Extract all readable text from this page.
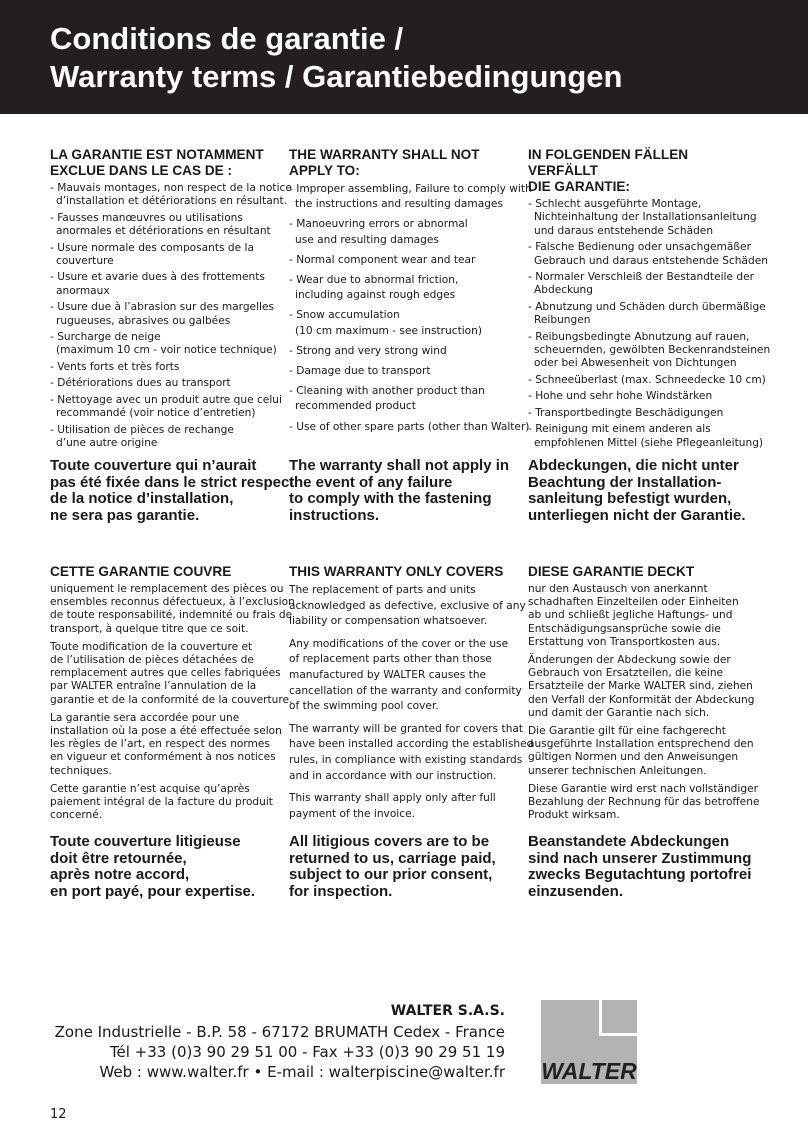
Conditions de garantie /
Warranty terms / Garantiebedingungen
LA GARANTIE EST NOTAMMENT
EXCLUE DANS LE CAS DE :
- Mauvais montages, non respect de la notice
d’installation et détériorations en résultant.
- Fausses manœuvres ou utilisations
anormales et détériorations en résultant
- Usure normale des composants de la
couverture
- Usure et avarie dues à des frottements
anormaux
- Usure due à l’abrasion sur des margelles
rugueuses, abrasives ou galbées
- Surcharge de neige
(maximum 10 cm - voir notice technique)
- Vents forts et très forts
- Détériorations dues au transport
- Nettoyage avec un produit autre que celui
recommandé (voir notice d’entretien)
- Utilisation de pièces de rechange
d’une autre origine
THE WARRANTY SHALL NOT
APPLY TO:
- Improper assembling, Failure to comply with
the instructions and resulting damages
- Manoeuvring errors or abnormal
use and resulting damages
- Normal component wear and tear
- Wear due to abnormal friction,
including against rough edges
- Snow accumulation
(10 cm maximum - see instruction)
- Strong and very strong wind
- Damage due to transport
- Cleaning with another product than
recommended product
- Use of other spare parts (other than Walter)
IN FOLGENDEN FÄLLEN VERFÄLLT
DIE GARANTIE:
- Schlecht ausgeführte Montage,
Nichteinhaltung der Installationsanleitung
und daraus entstehende Schäden
- Falsche Bedienung oder unsachgemäßer
Gebrauch und daraus entstehende Schäden
- Normaler Verschleiß der Bestandteile der
Abdeckung
- Abnutzung und Schäden durch übermäßige
Reibungen
- Reibungsbedingte Abnutzung auf rauen,
scheuernden, gewölbten Beckenrandsteinen
oder bei Abwesenheit von Dichtungen
- Schneeüberlast (max. Schneedecke 10 cm)
- Hohe und sehr hohe Windstärken
- Transportbedingte Beschädigungen
- Reinigung mit einem anderen als
empfohlenen Mittel (siehe Pflegeanleitung)
Toute couverture qui n’aurait
pas été fixée dans le strict respect
de la notice d’installation,
ne sera pas garantie.
The warranty shall not apply in
the event of any failure
to comply with the fastening
instructions.
Abdeckungen, die nicht unter
Beachtung der Installation-
sanleitung befestigt wurden,
unterliegen nicht der Garantie.
CETTE GARANTIE COUVRE
uniquement le remplacement des pièces ou
ensembles reconnus défectueux, à l’exclusion
de toute responsabilité, indemnité ou frais de
transport, à quelque titre que ce soit.
Toute modification de la couverture et
de l’utilisation de pièces détachées de
remplacement autres que celles fabriquées
par WALTER entraîne l’annulation de la
garantie et de la conformité de la couverture.
La garantie sera accordée pour une
installation où la pose a été effectuée selon
les règles de l’art, en respect des normes
en vigueur et conformément à nos notices
techniques.
Cette garantie n’est acquise qu’après
paiement intégral de la facture du produit
concerné.
THIS WARRANTY ONLY COVERS
The replacement of parts and units
acknowledged as defective, exclusive of any
liability or compensation whatsoever.
Any modifications of the cover or the use
of replacement parts other than those
manufactured by WALTER causes the
cancellation of the warranty and conformity
of the swimming pool cover.
The warranty will be granted for covers that
have been installed according the established
rules, in compliance with existing standards
and in accordance with our instruction.
This warranty shall apply only after full
payment of the invoice.
DIESE GARANTIE DECKT
nur den Austausch von anerkannt
schadhaften Einzelteilen oder Einheiten
ab und schließt jegliche Haftungs- und
Entschädigungsansprüche sowie die
Erstattung von Transportkosten aus.
Änderungen der Abdeckung sowie der
Gebrauch von Ersatzteilen, die keine
Ersatzteile der Marke WALTER sind, ziehen
den Verfall der Konformität der Abdeckung
und damit der Garantie nach sich.
Die Garantie gilt für eine fachgerecht
ausgeführte Installation entsprechend den
gültigen Normen und den Anweisungen
unserer technischen Anleitungen.
Diese Garantie wird erst nach vollständiger
Bezahlung der Rechnung für das betroffene
Produkt wirksam.
Toute couverture litigieuse
doit être retournée,
après notre accord,
en port payé, pour expertise.
All litigious covers are to be
returned to us, carriage paid,
subject to our prior consent,
for inspection.
Beanstandete Abdeckungen
sind nach unserer Zustimmung
zwecks Begutachtung portofrei
einzusenden.
WALTER S.A.S.
Zone Industrielle - B.P. 58 - 67172 BRUMATH Cedex - France
Tél +33 (0)3 90 29 51 00 - Fax +33 (0)3 90 29 51 19
Web : www.walter.fr • E-mail : walterpiscine@walter.fr WALTER
12
